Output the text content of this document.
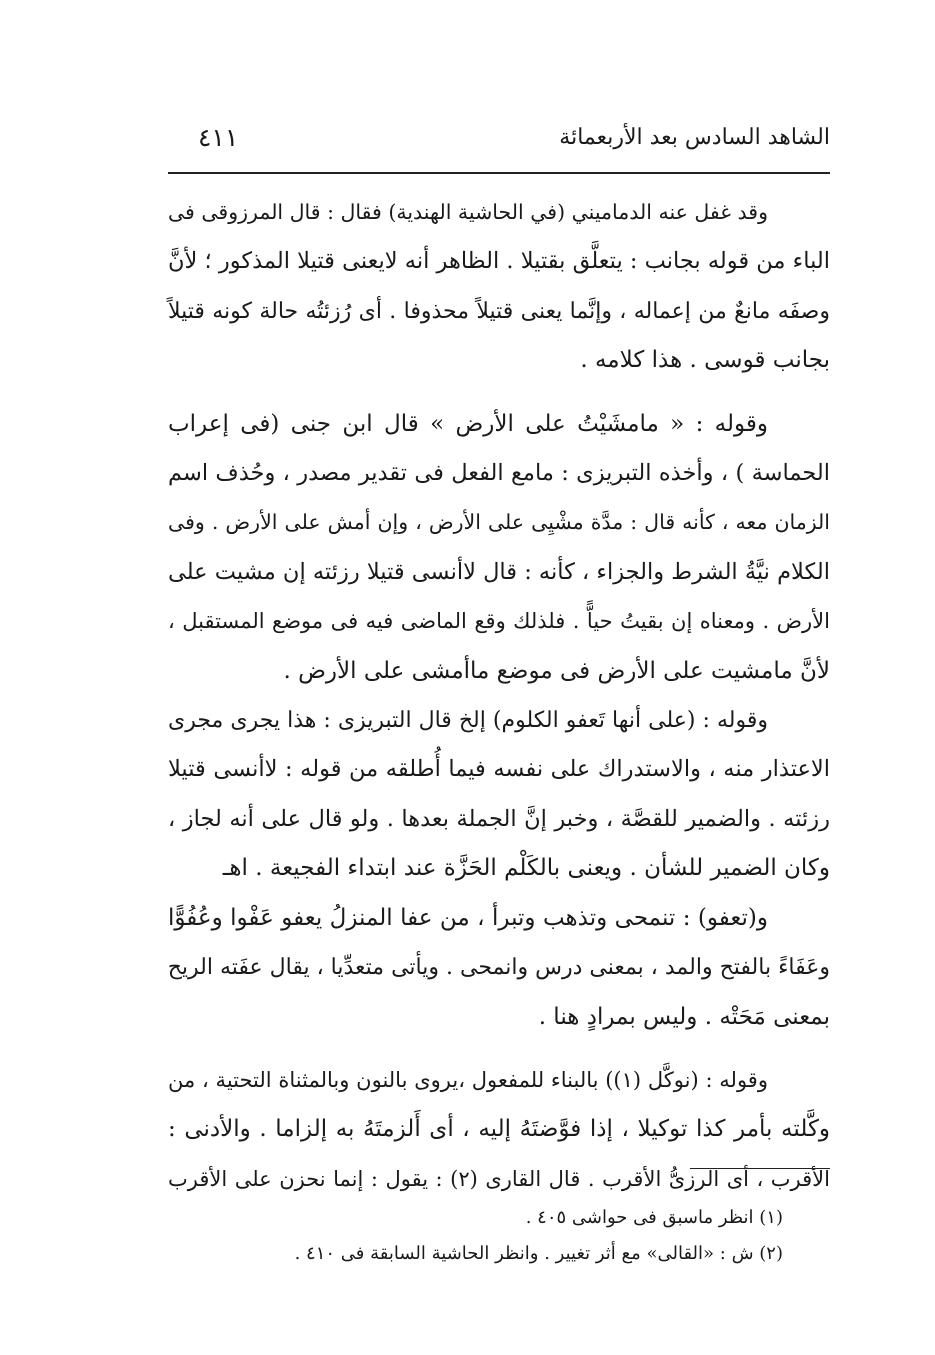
الشاهد السادس بعد الأربعمائة
٤١١

وقد غفل عنه الدماميني (في الحاشية الهندية) فقال : قال المرزوقى فى
الباء من قوله بجانب : يتعلَّق بقتيلا . الظاهر أنه لايعنى قتيلا المذكور ؛ لأنَّ
وصفَه مانعٌ من إعماله ، وإنَّما يعنى قتيلاً محذوفا . أى رُزئتُه حالة كونه قتيلاً
بجانب قوسى . هذا كلامه .

وقوله : « مامشَيْتُ على الأرض » قال ابن جنى (فى إعراب
الحماسة ) ، وأخذه التبريزى : مامع الفعل فى تقدير مصدر ، وحُذف اسم
الزمان معه ، كأنه قال : مدَّة مشْيِى على الأرض ، وإن أمش على الأرض . وفى
الكلام نيَّةُ الشرط والجزاء ، كأنه : قال لاأنسى قتيلا رزئته إن مشيت على
الأرض . ومعناه إن بقيتُ حياًّ . فلذلك وقع الماضى فيه فى موضع المستقبل ،
لأنَّ مامشيت على الأرض فى موضع ماأمشى على الأرض .

وقوله : (على أنها تَعفو الكلوم) إلخ قال التبريزى : هذا يجرى مجرى
الاعتذار منه ، والاستدراك على نفسه فيما أُطلقه من قوله : لاأنسى قتيلا
رزئته . والضمير للقصَّة ، وخبر إنَّ الجملة بعدها . ولو قال على أنه لجاز ،
وكان الضمير للشأن . ويعنى بالكَلْم الحَزَّة عند ابتداء الفجيعة . اهـ

و(تعفو) : تنمحى وتذهب وتبرأ ، من عفا المنزلُ يعفو عَفْوا وعُفُوًّا
وعَفَاءً بالفتح والمد ، بمعنى درس وانمحى . ويأتى متعدِّيا ، يقال عفَته الريح
بمعنى مَحَتْه . وليس بمرادٍ هنا .

وقوله : (نوكَّل (١)) بالبناء للمفعول ،يروى بالنون وبالمثناة التحتية ، من
وكَّلته بأمر كذا توكيلا ، إذا فوَّضتَهُ إليه ، أى أَلزمتَهُ به إلزاما . والأدنى :
الأقرب ، أى الرزىُّ الأقرب . قال القارى (٢) : يقول : إنما نحزن على الأقرب

(١) انظر ماسبق فى حواشى ٤٠٥ .
(٢) ش : «القالى» مع أثر تغيير . وانظر الحاشية السابقة فى ٤١٠ .
